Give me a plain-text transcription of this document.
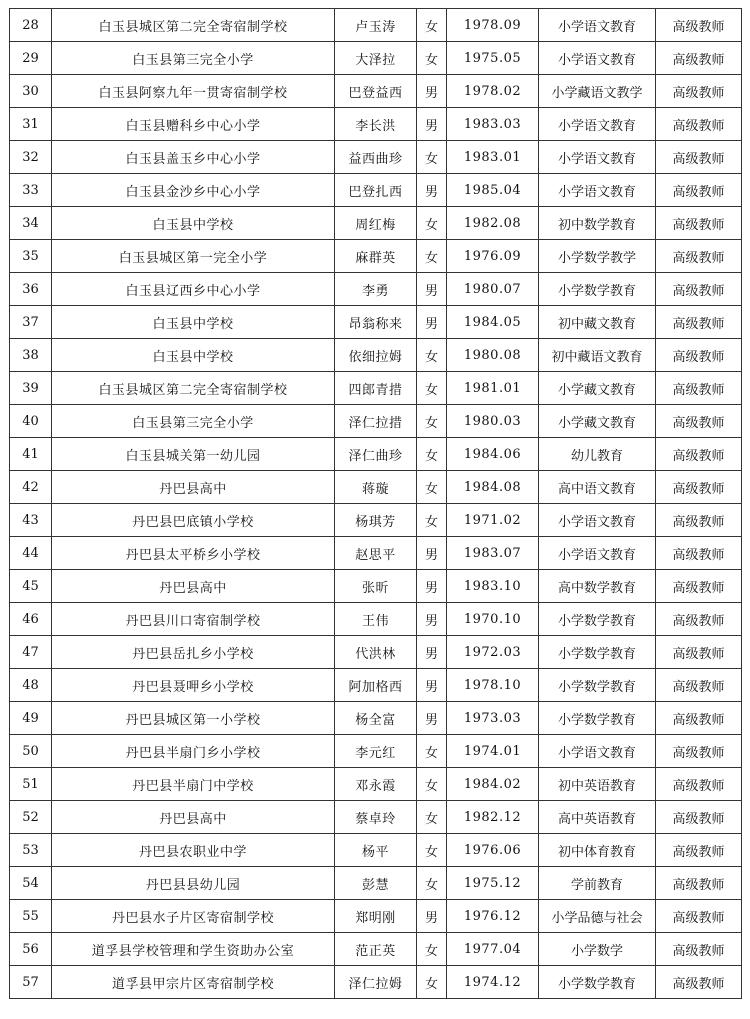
28	白玉县城区第二完全寄宿制学校	卢玉涛	女	1978.09	小学语文教育	高级教师
29	白玉县第三完全小学	大泽拉	女	1975.05	小学语文教育	高级教师
30	白玉县阿察九年一贯寄宿制学校	巴登益西	男	1978.02	小学藏语文教学	高级教师
31	白玉县赠科乡中心小学	李长洪	男	1983.03	小学语文教育	高级教师
32	白玉县盖玉乡中心小学	益西曲珍	女	1983.01	小学语文教育	高级教师
33	白玉县金沙乡中心小学	巴登扎西	男	1985.04	小学语文教育	高级教师
34	白玉县中学校	周红梅	女	1982.08	初中数学教育	高级教师
35	白玉县城区第一完全小学	麻群英	女	1976.09	小学数学教学	高级教师
36	白玉县辽西乡中心小学	李勇	男	1980.07	小学数学教育	高级教师
37	白玉县中学校	昂翁称来	男	1984.05	初中藏文教育	高级教师
38	白玉县中学校	依细拉姆	女	1980.08	初中藏语文教育	高级教师
39	白玉县城区第二完全寄宿制学校	四郎青措	女	1981.01	小学藏文教育	高级教师
40	白玉县第三完全小学	泽仁拉措	女	1980.03	小学藏文教育	高级教师
41	白玉县城关第一幼儿园	泽仁曲珍	女	1984.06	幼儿教育	高级教师
42	丹巴县高中	蒋璇	女	1984.08	高中语文教育	高级教师
43	丹巴县巴底镇小学校	杨琪芳	女	1971.02	小学语文教育	高级教师
44	丹巴县太平桥乡小学校	赵思平	男	1983.07	小学语文教育	高级教师
45	丹巴县高中	张昕	男	1983.10	高中数学教育	高级教师
46	丹巴县川口寄宿制学校	王伟	男	1970.10	小学数学教育	高级教师
47	丹巴县岳扎乡小学校	代洪林	男	1972.03	小学数学教育	高级教师
48	丹巴县聂呷乡小学校	阿加格西	男	1978.10	小学数学教育	高级教师
49	丹巴县城区第一小学校	杨全富	男	1973.03	小学数学教育	高级教师
50	丹巴县半扇门乡小学校	李元红	女	1974.01	小学语文教育	高级教师
51	丹巴县半扇门中学校	邓永霞	女	1984.02	初中英语教育	高级教师
52	丹巴县高中	蔡卓玲	女	1982.12	高中英语教育	高级教师
53	丹巴县农职业中学	杨平	女	1976.06	初中体育教育	高级教师
54	丹巴县县幼儿园	彭慧	女	1975.12	学前教育	高级教师
55	丹巴县水子片区寄宿制学校	郑明刚	男	1976.12	小学品德与社会	高级教师
56	道孚县学校管理和学生资助办公室	范正英	女	1977.04	小学数学	高级教师
57	道孚县甲宗片区寄宿制学校	泽仁拉姆	女	1974.12	小学数学教育	高级教师
